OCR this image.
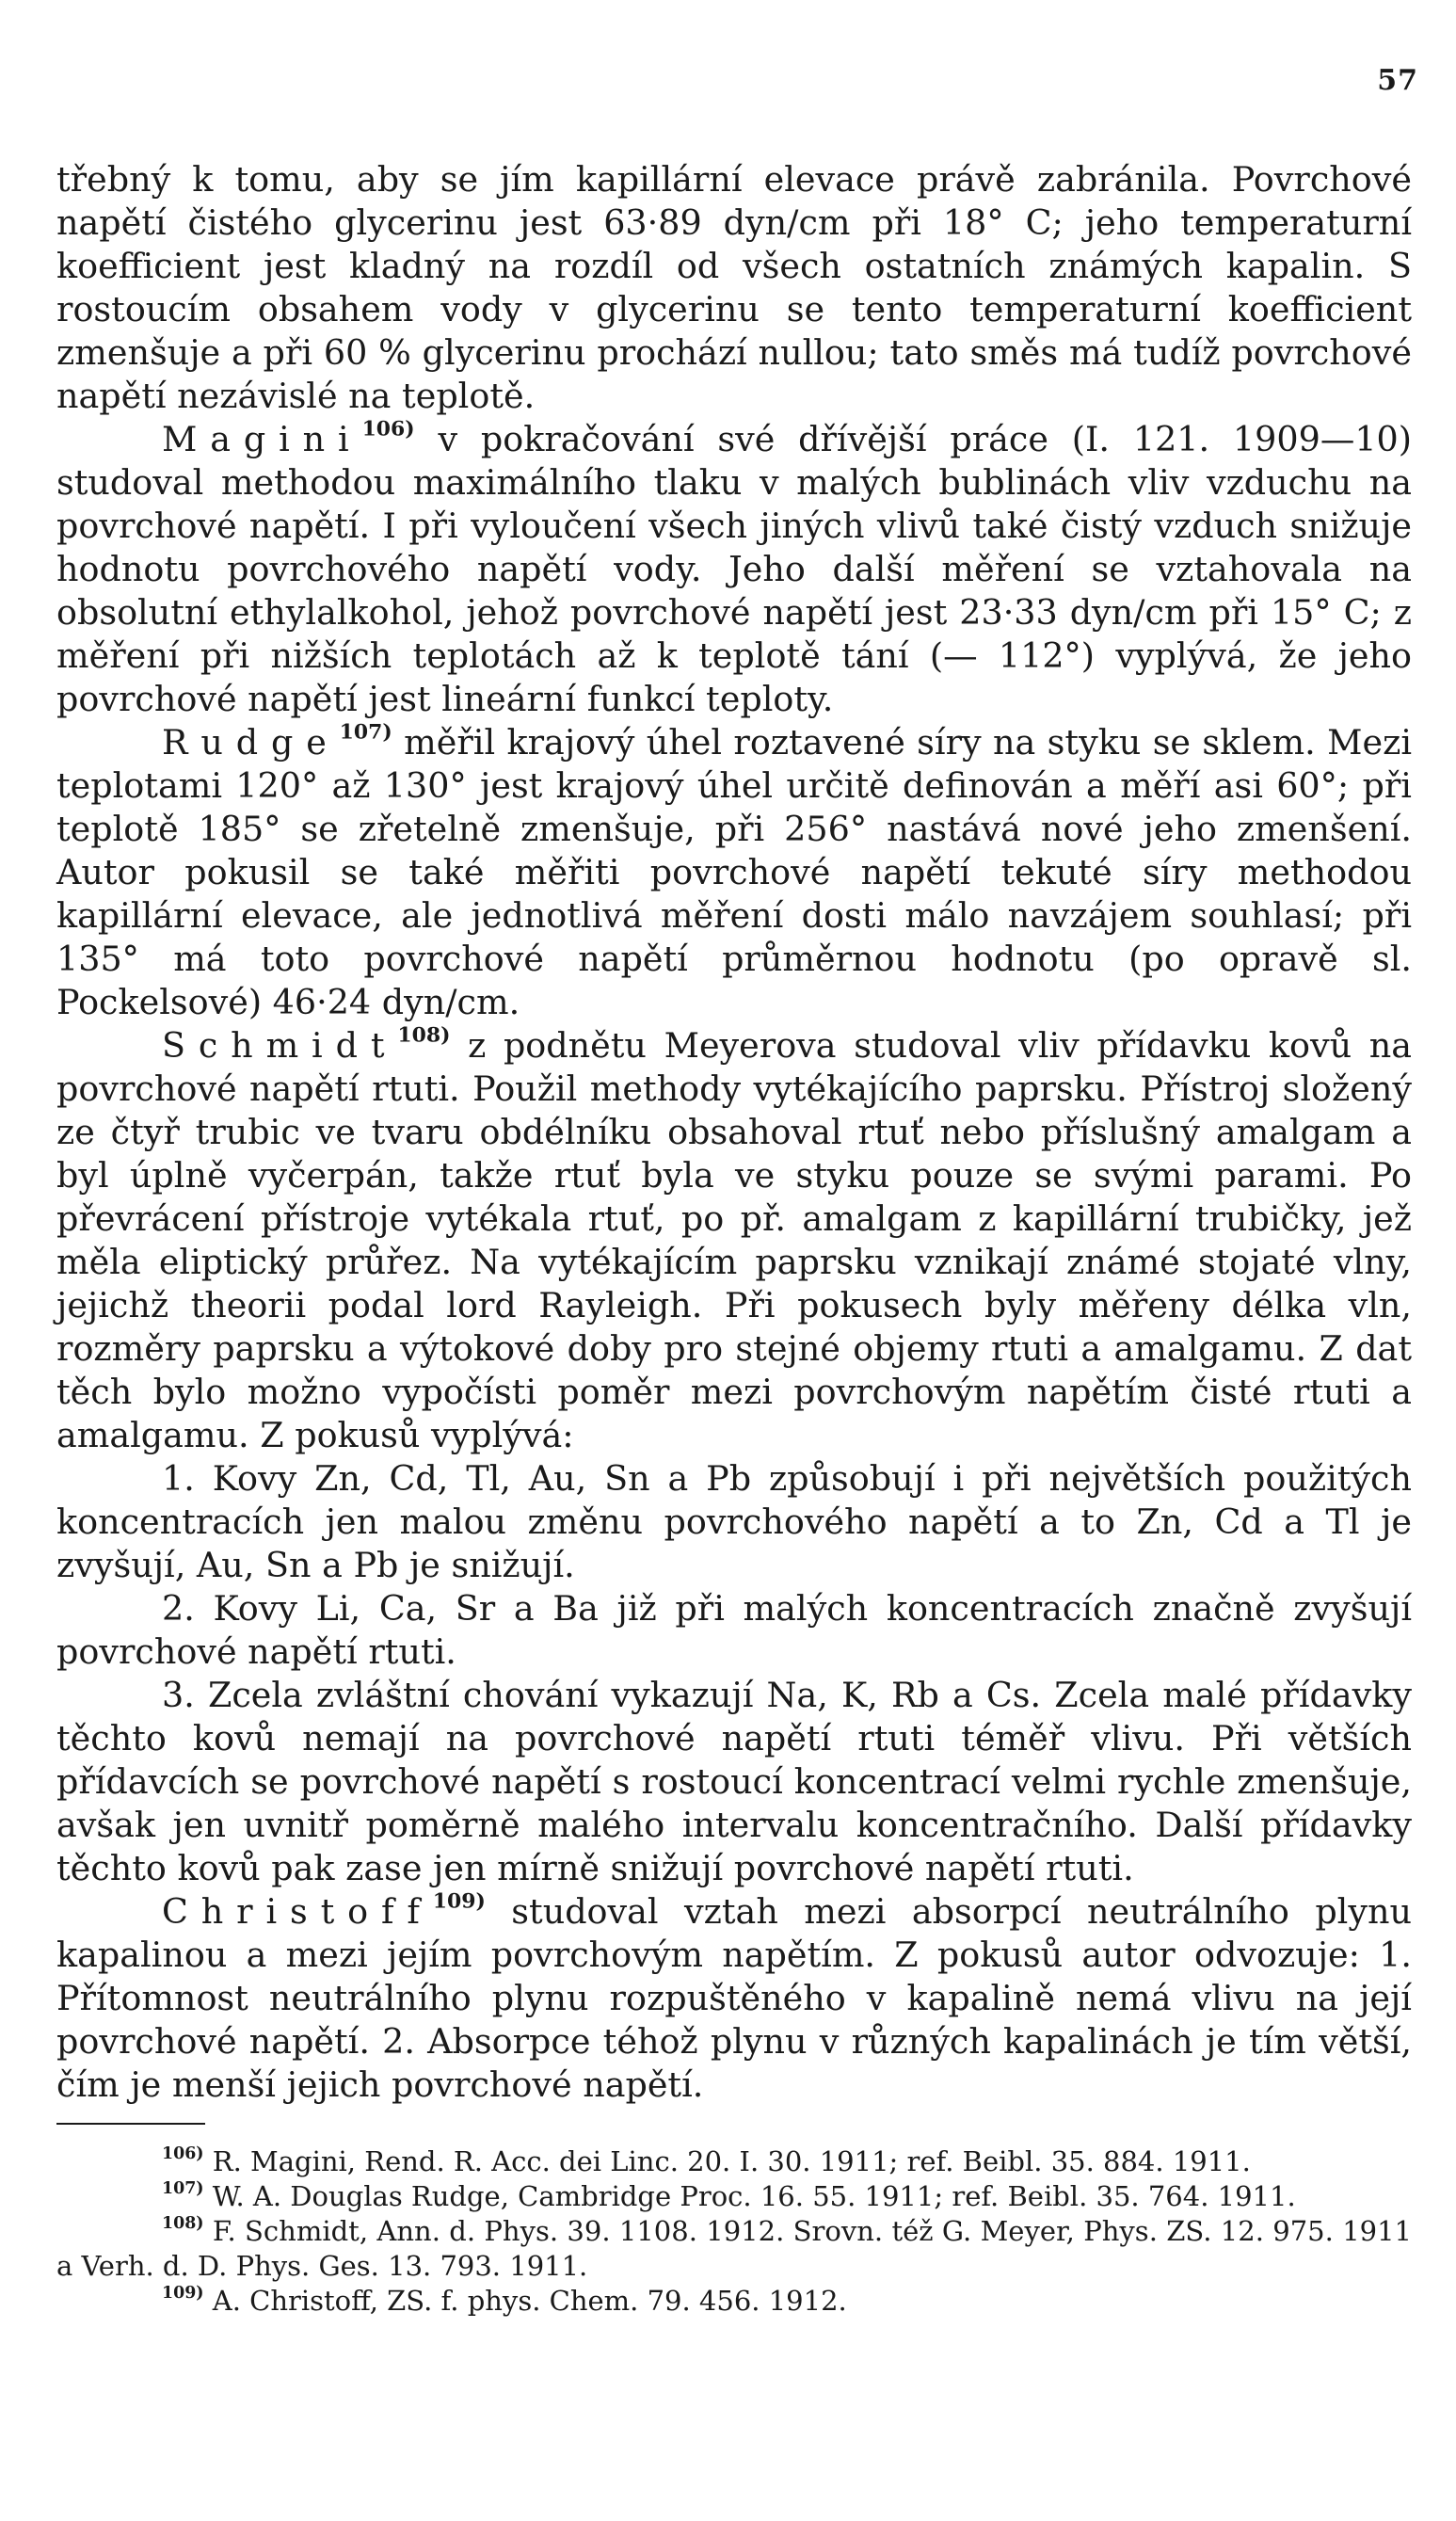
57

třebný k tomu, aby se jím kapillární elevace právě zabránila. Povrchové napětí čistého glycerinu jest 63·89 dyn/cm při 18° C; jeho temperaturní koefficient jest kladný na rozdíl od všech ostatních známých kapalin. S rostoucím obsahem vody v glycerinu se tento temperaturní koefficient zmenšuje a při 60 % glycerinu prochází nullou; tato směs má tudíž povrchové napětí nezávislé na teplotě.

Magini$^{106)}$ v pokračování své dřívější práce (I. 121. 1909—10) studoval methodou maximálního tlaku v malých bublinách vliv vzduchu na povrchové napětí. I při vyloučení všech jiných vlivů také čistý vzduch snižuje hodnotu povrchového napětí vody. Jeho další měření se vztahovala na obsolutní ethylalkohol, jehož povrchové napětí jest 23·33 dyn/cm při 15° C; z měření při nižších teplotách až k teplotě tání (— 112°) vyplývá, že jeho povrchové napětí jest lineární funkcí teploty.

Rudge$^{107)}$ měřil krajový úhel roztavené síry na styku se sklem. Mezi teplotami 120° až 130° jest krajový úhel určitě definován a měří asi 60°; při teplotě 185° se zřetelně zmenšuje, při 256° nastává nové jeho zmenšení. Autor pokusil se také měřiti povrchové napětí tekuté síry methodou kapillární elevace, ale jednotlivá měření dosti málo navzájem souhlasí; při 135° má toto povrchové napětí průměrnou hodnotu (po opravě sl. Pockelsové) 46·24 dyn/cm.

Schmidt$^{108)}$ z podnětu Meyerova studoval vliv přídavku kovů na povrchové napětí rtuti. Použil methody vytékajícího paprsku. Přístroj složený ze čtyř trubic ve tvaru obdélníku obsahoval rtuť nebo příslušný amalgam a byl úplně vyčerpán, takže rtuť byla ve styku pouze se svými parami. Po převrácení přístroje vytékala rtuť, po př. amalgam z kapillární trubičky, jež měla eliptický průřez. Na vytékajícím paprsku vznikají známé stojaté vlny, jejichž theorii podal lord Rayleigh. Při pokusech byly měřeny délka vln, rozměry paprsku a výtokové doby pro stejné objemy rtuti a amalgamu. Z dat těch bylo možno vypočísti poměr mezi povrchovým napětím čisté rtuti a amalgamu. Z pokusů vyplývá:

1. Kovy Zn, Cd, Tl, Au, Sn a Pb způsobují i při největších použitých koncentracích jen malou změnu povrchového napětí a to Zn, Cd a Tl je zvyšují, Au, Sn a Pb je snižují.

2. Kovy Li, Ca, Sr a Ba již při malých koncentracích značně zvyšují povrchové napětí rtuti.

3. Zcela zvláštní chování vykazují Na, K, Rb a Cs. Zcela malé přídavky těchto kovů nemají na povrchové napětí rtuti téměř vlivu. Při větších přídavcích se povrchové napětí s rostoucí koncentrací velmi rychle zmenšuje, avšak jen uvnitř poměrně malého intervalu koncentračního. Další přídavky těchto kovů pak zase jen mírně snižují povrchové napětí rtuti.

Christoff$^{109)}$ studoval vztah mezi absorpcí neutrálního plynu kapalinou a mezi jejím povrchovým napětím. Z pokusů autor odvozuje: 1. Přítomnost neutrálního plynu rozpuštěného v kapalině nemá vlivu na její povrchové napětí. 2. Absorpce téhož plynu v různých kapalinách je tím větší, čím je menší jejich povrchové napětí.

$^{106)}$ R. Magini, Rend. R. Acc. dei Linc. 20. I. 30. 1911; ref. Beibl. 35. 884. 1911.

$^{107)}$ W. A. Douglas Rudge, Cambridge Proc. 16. 55. 1911; ref. Beibl. 35. 764. 1911.

$^{108)}$ F. Schmidt, Ann. d. Phys. 39. 1108. 1912. Srovn. též G. Meyer, Phys. ZS. 12. 975. 1911 a Verh. d. D. Phys. Ges. 13. 793. 1911.

$^{109)}$ A. Christoff, ZS. f. phys. Chem. 79. 456. 1912.
